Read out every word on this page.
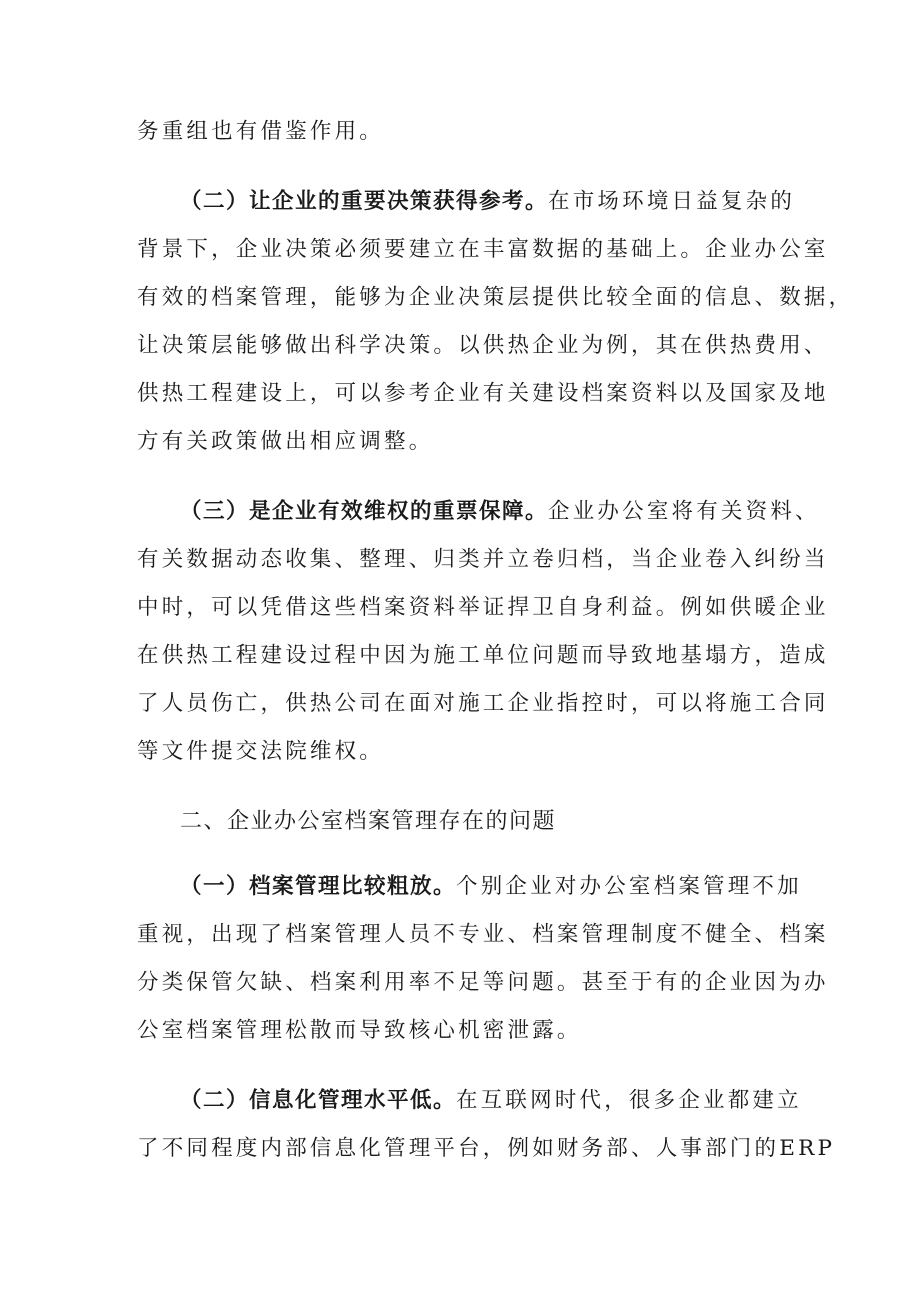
务重组也有借鉴作用。
（二）让企业的重要决策获得参考。在市场环境日益复杂的
背景下，企业决策必须要建立在丰富数据的基础上。企业办公室
有效的档案管理，能够为企业决策层提供比较全面的信息、数据，
让决策层能够做出科学决策。以供热企业为例，其在供热费用、
供热工程建设上，可以参考企业有关建设档案资料以及国家及地
方有关政策做出相应调整。
（三）是企业有效维权的重票保障。企业办公室将有关资料、
有关数据动态收集、整理、归类并立卷归档，当企业卷入纠纷当
中时，可以凭借这些档案资料举证捍卫自身利益。例如供暖企业
在供热工程建设过程中因为施工单位问题而导致地基塌方，造成
了人员伤亡，供热公司在面对施工企业指控时，可以将施工合同
等文件提交法院维权。
二、企业办公室档案管理存在的问题
（一）档案管理比较粗放。个别企业对办公室档案管理不加
重视，出现了档案管理人员不专业、档案管理制度不健全、档案
分类保管欠缺、档案利用率不足等问题。甚至于有的企业因为办
公室档案管理松散而导致核心机密泄露。
（二）信息化管理水平低。在互联网时代，很多企业都建立
了不同程度内部信息化管理平台，例如财务部、人事部门的ERP
